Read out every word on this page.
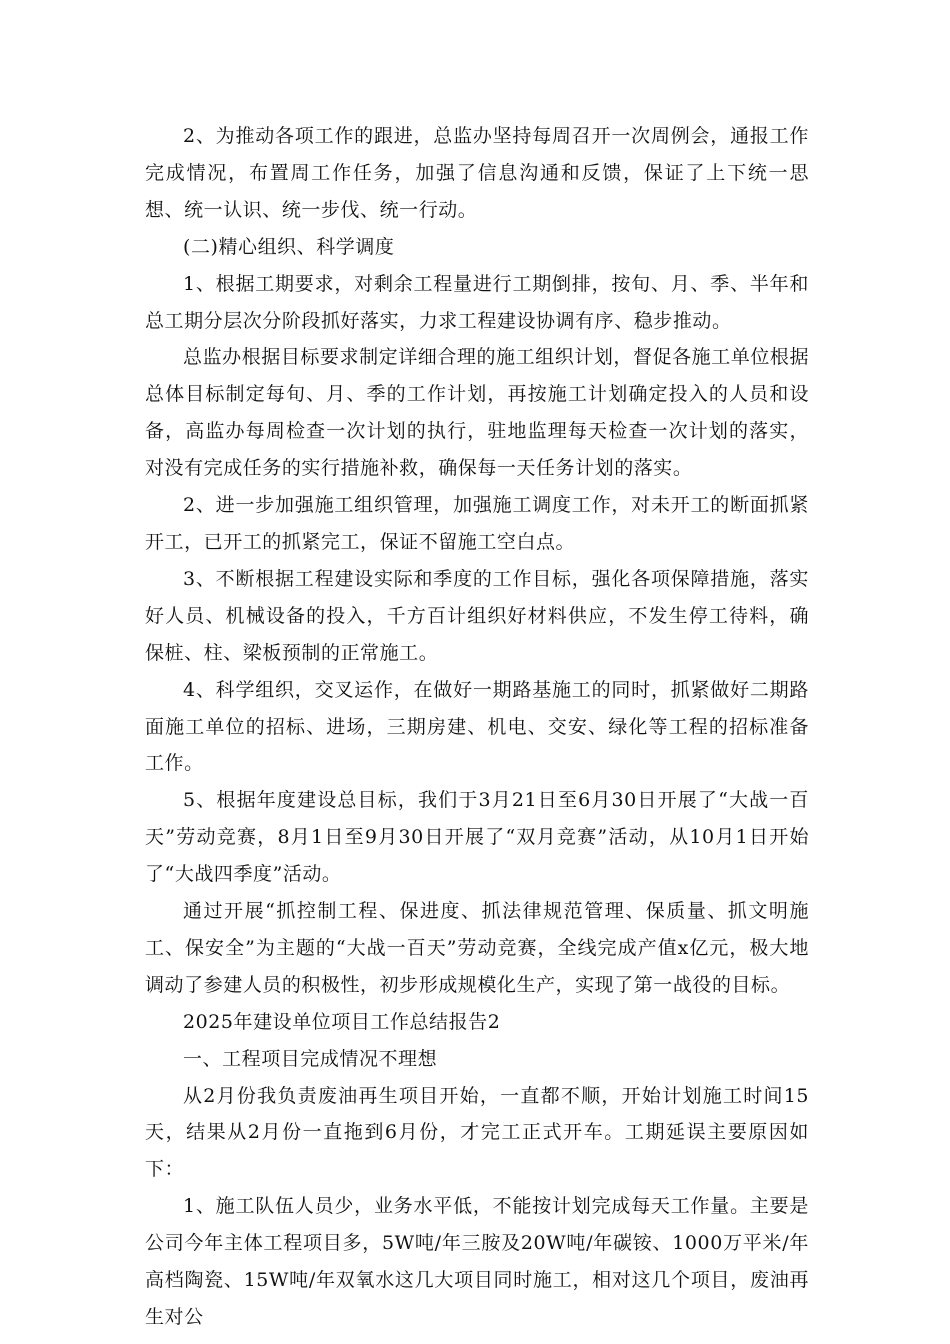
2、为推动各项工作的跟进，总监办坚持每周召开一次周例会，通报工作完成情况，布置周工作任务，加强了信息沟通和反馈，保证了上下统一思想、统一认识、统一步伐、统一行动。

(二)精心组织、科学调度

1、根据工期要求，对剩余工程量进行工期倒排，按旬、月、季、半年和总工期分层次分阶段抓好落实，力求工程建设协调有序、稳步推动。

总监办根据目标要求制定详细合理的施工组织计划，督促各施工单位根据总体目标制定每旬、月、季的工作计划，再按施工计划确定投入的人员和设备，高监办每周检查一次计划的执行，驻地监理每天检查一次计划的落实，对没有完成任务的实行措施补救，确保每一天任务计划的落实。

2、进一步加强施工组织管理，加强施工调度工作，对未开工的断面抓紧开工，已开工的抓紧完工，保证不留施工空白点。

3、不断根据工程建设实际和季度的工作目标，强化各项保障措施，落实好人员、机械设备的投入，千方百计组织好材料供应，不发生停工待料，确保桩、柱、梁板预制的正常施工。

4、科学组织，交叉运作，在做好一期路基施工的同时，抓紧做好二期路面施工单位的招标、进场，三期房建、机电、交安、绿化等工程的招标准备工作。

5、根据年度建设总目标，我们于3月21日至6月30日开展了“大战一百天”劳动竞赛，8月1日至9月30日开展了“双月竞赛”活动，从10月1日开始了“大战四季度”活动。

通过开展“抓控制工程、保进度、抓法律规范管理、保质量、抓文明施工、保安全”为主题的“大战一百天”劳动竞赛，全线完成产值x亿元，极大地调动了参建人员的积极性，初步形成规模化生产，实现了第一战役的目标。

2025年建设单位项目工作总结报告2

一、工程项目完成情况不理想

从2月份我负责废油再生项目开始，一直都不顺，开始计划施工时间15天，结果从2月份一直拖到6月份，才完工正式开车。工期延误主要原因如下：

1、施工队伍人员少，业务水平低，不能按计划完成每天工作量。主要是公司今年主体工程项目多，5W吨/年三胺及20W吨/年碳铵、1000万平米/年高档陶瓷、15W吨/年双氧水这几大项目同时施工，相对这几个项目，废油再生对公
